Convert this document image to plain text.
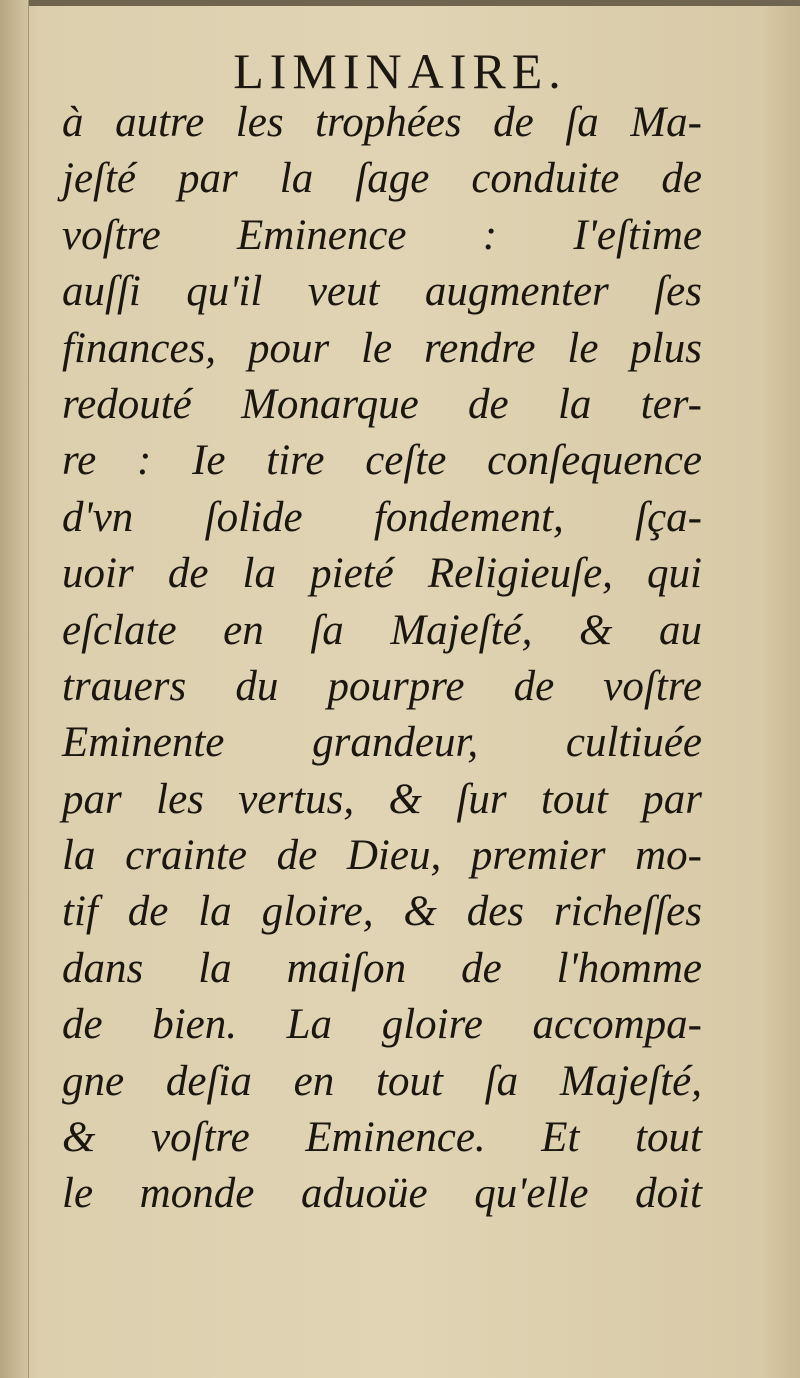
LIMINAIRE.
à autre les trophées de ſa Ma-
jeſté par la ſage conduite de
voſtre Eminence : I'eſtime
auſſi qu'il veut augmenter ſes
finances, pour le rendre le plus
redouté Monarque de la ter-
re : Ie tire ceſte conſequence
d'vn ſolide fondement, ſça-
uoir de la pieté Religieuſe, qui
eſclate en ſa Majeſté, & au
trauers du pourpre de voſtre
Eminente grandeur, cultiuée
par les vertus, & ſur tout par
la crainte de Dieu, premier mo-
tif de la gloire, & des richeſſes
dans la maiſon de l'homme
de bien. La gloire accompa-
gne deſia en tout ſa Majeſté,
& voſtre Eminence. Et tout
le monde aduoüe qu'elle doit
